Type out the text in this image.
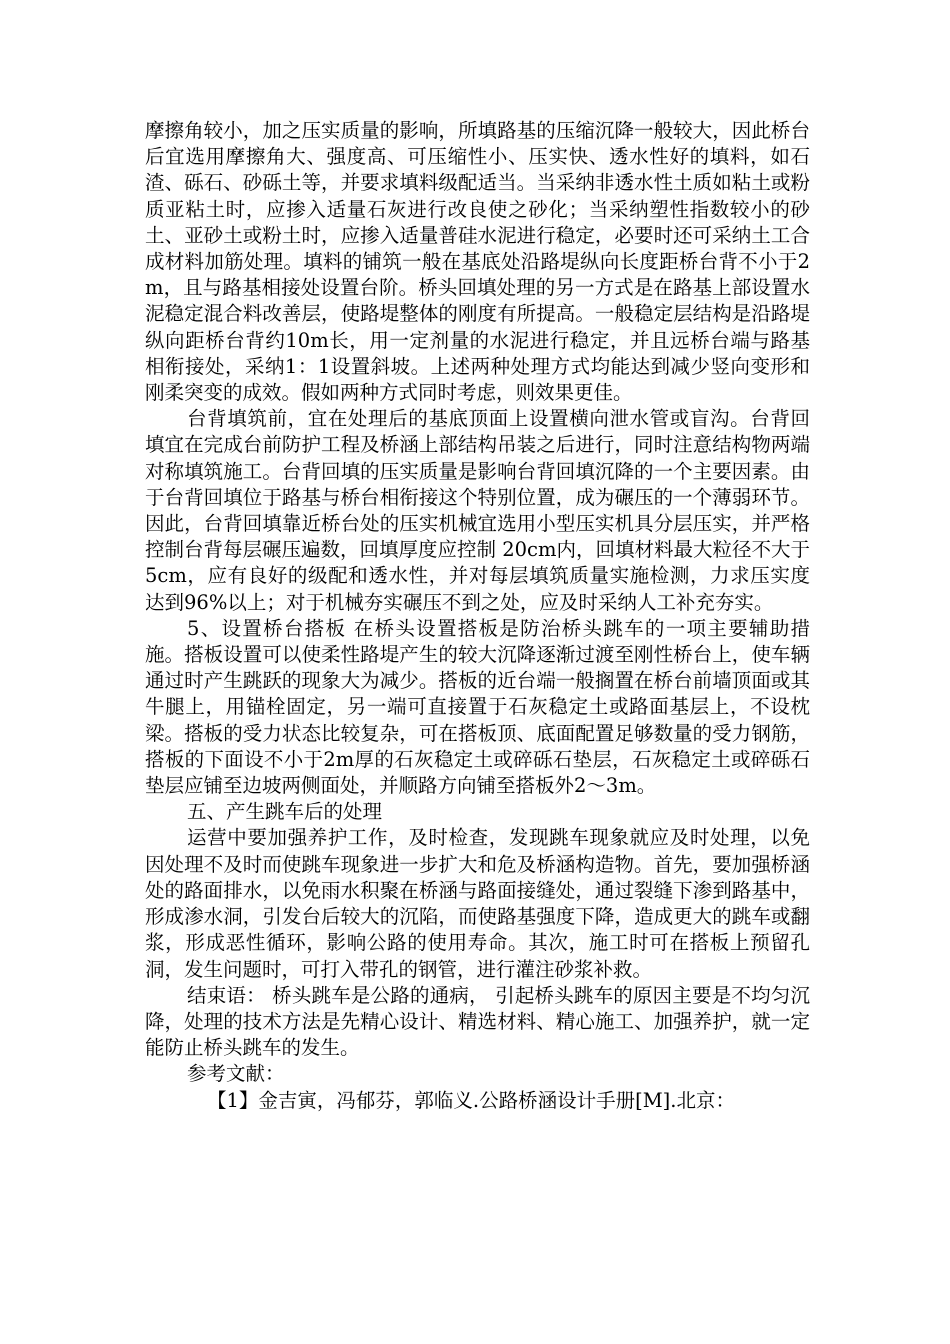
摩擦角较小，加之压实质量的影响，所填路基的压缩沉降一般较大，因此桥台后宜选用摩擦角大、强度高、可压缩性小、压实快、透水性好的填料，如石渣、砾石、砂砾土等，并要求填料级配适当。当采纳非透水性土质如粘土或粉质亚粘土时，应掺入适量石灰进行改良使之砂化；当采纳塑性指数较小的砂土、亚砂土或粉土时，应掺入适量普硅水泥进行稳定，必要时还可采纳土工合成材料加筋处理。填料的铺筑一般在基底处沿路堤纵向长度距桥台背不小于2m，且与路基相接处设置台阶。桥头回填处理的另一方式是在路基上部设置水泥稳定混合料改善层，使路堤整体的刚度有所提高。一般稳定层结构是沿路堤纵向距桥台背约10m长，用一定剂量的水泥进行稳定，并且远桥台端与路基相衔接处，采纳1：1设置斜坡。上述两种处理方式均能达到减少竖向变形和刚柔突变的成效。假如两种方式同时考虑，则效果更佳。

台背填筑前，宜在处理后的基底顶面上设置横向泄水管或盲沟。台背回填宜在完成台前防护工程及桥涵上部结构吊装之后进行，同时注意结构物两端对称填筑施工。台背回填的压实质量是影响台背回填沉降的一个主要因素。由于台背回填位于路基与桥台相衔接这个特别位置，成为碾压的一个薄弱环节。因此，台背回填靠近桥台处的压实机械宜选用小型压实机具分层压实，并严格控制台背每层碾压遍数，回填厚度应控制 20cm内，回填材料最大粒径不大于5cm，应有良好的级配和透水性，并对每层填筑质量实施检测，力求压实度达到96%以上；对于机械夯实碾压不到之处，应及时采纳人工补充夯实。

5、设置桥台搭板 在桥头设置搭板是防治桥头跳车的一项主要辅助措施。搭板设置可以使柔性路堤产生的较大沉降逐渐过渡至刚性桥台上，使车辆通过时产生跳跃的现象大为减少。搭板的近台端一般搁置在桥台前墙顶面或其牛腿上，用锚栓固定，另一端可直接置于石灰稳定土或路面基层上，不设枕梁。搭板的受力状态比较复杂，可在搭板顶、底面配置足够数量的受力钢筋，搭板的下面设不小于2m厚的石灰稳定土或碎砾石垫层，石灰稳定土或碎砾石垫层应铺至边坡两侧面处，并顺路方向铺至搭板外2～3m。

五、产生跳车后的处理

运营中要加强养护工作，及时检查，发现跳车现象就应及时处理，以免因处理不及时而使跳车现象进一步扩大和危及桥涵构造物。首先，要加强桥涵处的路面排水，以免雨水积聚在桥涵与路面接缝处，通过裂缝下渗到路基中，形成渗水洞，引发台后较大的沉陷，而使路基强度下降，造成更大的跳车或翻浆，形成恶性循环，影响公路的使用寿命。其次，施工时可在搭板上预留孔洞，发生问题时，可打入带孔的钢管，进行灌注砂浆补救。

结束语： 桥头跳车是公路的通病， 引起桥头跳车的原因主要是不均匀沉降，处理的技术方法是先精心设计、精选材料、精心施工、加强养护，就一定能防止桥头跳车的发生。

参考文献：

【1】金吉寅，冯郁芬，郭临义.公路桥涵设计手册[M].北京：
